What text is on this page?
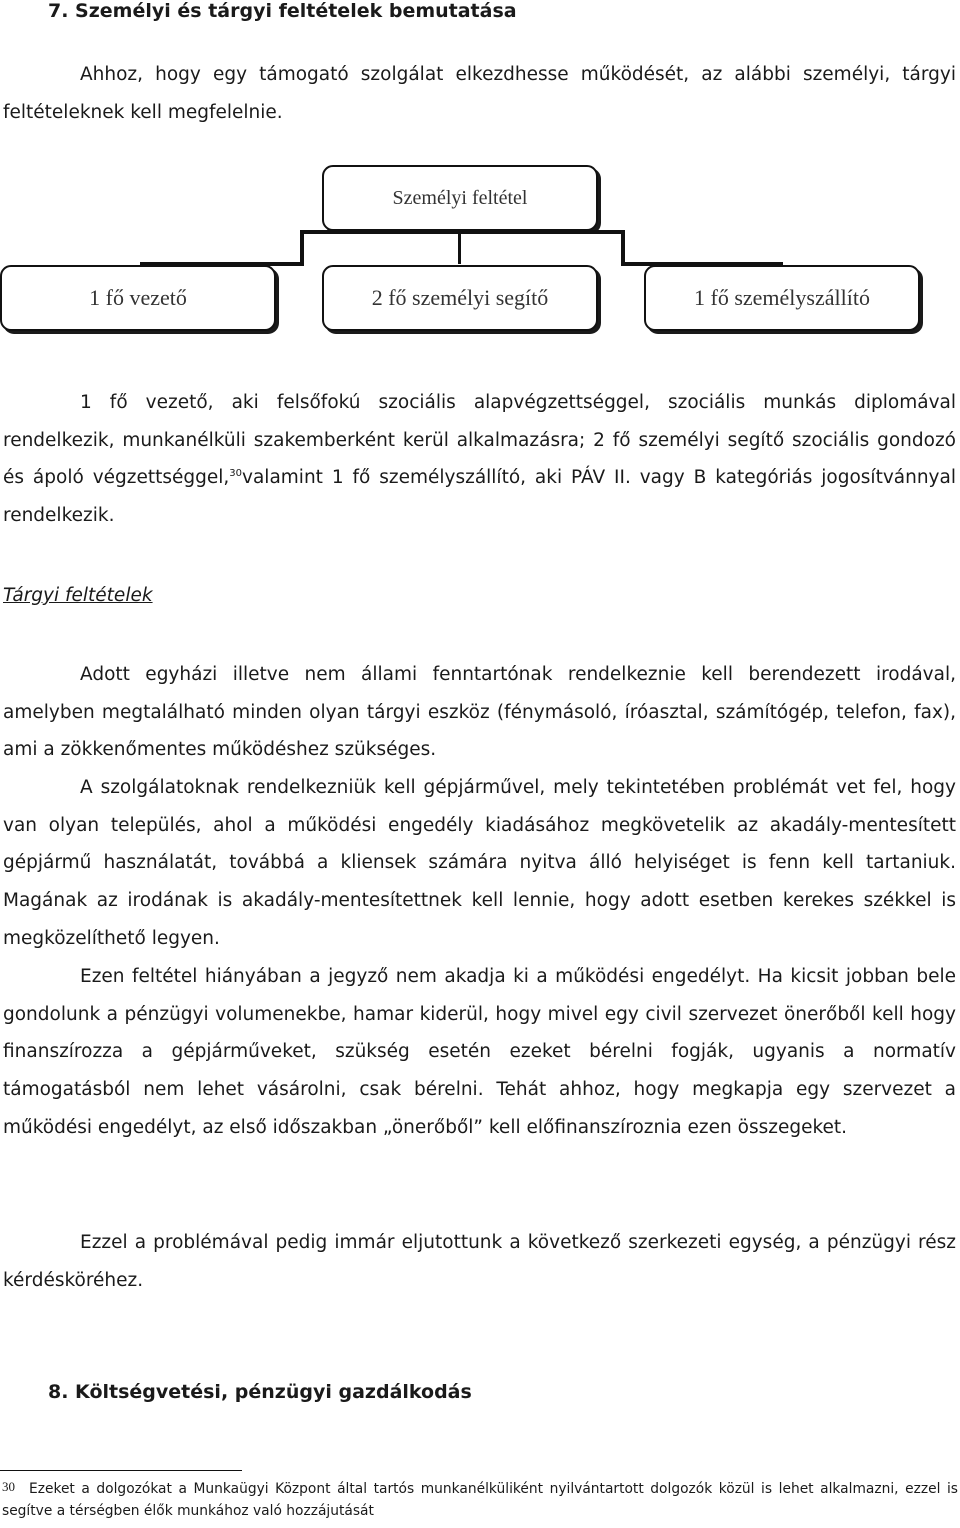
7. Személyi és tárgyi feltételek bemutatása
Ahhoz, hogy egy támogató szolgálat elkezdhesse működését, az alábbi személyi, tárgyi feltételeknek kell megfelelnie.
Személyi feltétel
1 fő vezető	2 fő személyi segítő	1 fő személyszállító
1 fő vezető, aki felsőfokú szociális alapvégzettséggel, szociális munkás diplomával rendelkezik, munkanélküli szakemberként kerül alkalmazásra; 2 fő személyi segítő szociális gondozó és ápoló végzettséggel,$^{30}$valamint 1 fő személyszállító, aki PÁV II. vagy B kategóriás jogosítvánnyal rendelkezik.
Tárgyi feltételek
Adott egyházi illetve nem állami fenntartónak rendelkeznie kell berendezett irodával, amelyben megtalálható minden olyan tárgyi eszköz (fénymásoló, íróasztal, számítógép, telefon, fax), ami a zökkenőmentes működéshez szükséges.
A szolgálatoknak rendelkezniük kell gépjárművel, mely tekintetében problémát vet fel, hogy van olyan település, ahol a működési engedély kiadásához megkövetelik az akadály-mentesített gépjármű használatát, továbbá a kliensek számára nyitva álló helyiséget is fenn kell tartaniuk. Magának az irodának is akadály-mentesítettnek kell lennie, hogy adott esetben kerekes székkel is megközelíthető legyen.
Ezen feltétel hiányában a jegyző nem akadja ki a működési engedélyt. Ha kicsit jobban bele gondolunk a pénzügyi volumenekbe, hamar kiderül, hogy mivel egy civil szervezet önerőből kell hogy finanszírozza a gépjárműveket, szükség esetén ezeket bérelni fogják, ugyanis a normatív támogatásból nem lehet vásárolni, csak bérelni. Tehát ahhoz, hogy megkapja egy szervezet a működési engedélyt, az első időszakban „önerőből” kell előfinanszíroznia ezen összegeket.
Ezzel a problémával pedig immár eljutottunk a következő szerkezeti egység, a pénzügyi rész kérdésköréhez.
8. Költségvetési, pénzügyi gazdálkodás
30 Ezeket a dolgozókat a Munkaügyi Központ által tartós munkanélküliként nyilvántartott dolgozók közül is lehet alkalmazni, ezzel is segítve a térségben élők munkához való hozzájutását
